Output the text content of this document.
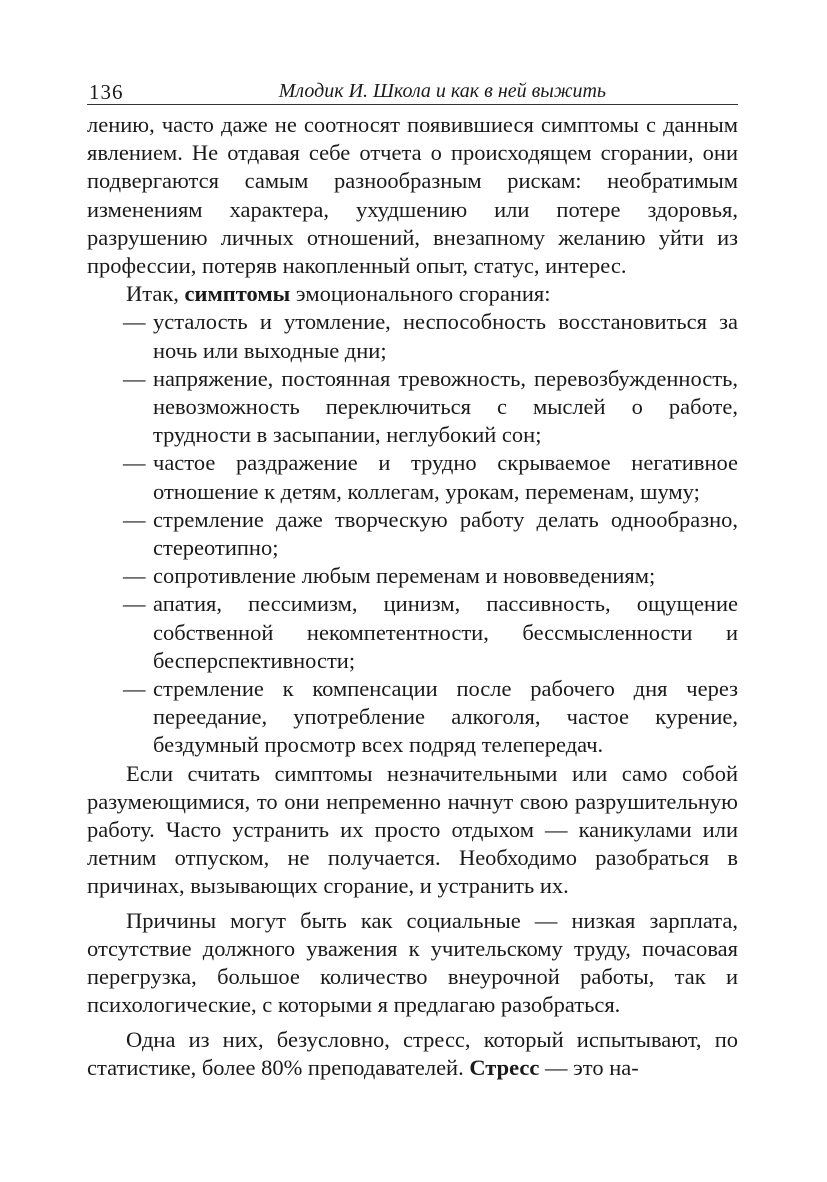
136	Млодик И. Школа и как в ней выжить

лению, часто даже не соотносят появившиеся симптомы с данным явлением. Не отдавая себе отчета о происходящем сгорании, они подвергаются самым разнообразным рискам: необратимым изменениям характера, ухудшению или потере здоровья, разрушению личных отношений, внезапному желанию уйти из профессии, потеряв накопленный опыт, статус, интерес.

Итак, симптомы эмоционального сгорания:

— усталость и утомление, неспособность восстановиться за ночь или выходные дни;
— напряжение, постоянная тревожность, перевозбужденность, невозможность переключиться с мыслей о работе, трудности в засыпании, неглубокий сон;
— частое раздражение и трудно скрываемое негативное отношение к детям, коллегам, урокам, переменам, шуму;
— стремление даже творческую работу делать однообразно, стереотипно;
— сопротивление любым переменам и нововведениям;
— апатия, пессимизм, цинизм, пассивность, ощущение собственной некомпетентности, бессмысленности и бесперспективности;
— стремление к компенсации после рабочего дня через переедание, употребление алкоголя, частое курение, бездумный просмотр всех подряд телепередач.

Если считать симптомы незначительными или само собой разумеющимися, то они непременно начнут свою разрушительную работу. Часто устранить их просто отдыхом — каникулами или летним отпуском, не получается. Необходимо разобраться в причинах, вызывающих сгорание, и устранить их.

Причины могут быть как социальные — низкая зарплата, отсутствие должного уважения к учительскому труду, почасовая перегрузка, большое количество внеурочной работы, так и психологические, с которыми я предлагаю разобраться.

Одна из них, безусловно, стресс, который испытывают, по статистике, более 80% преподавателей. Стресс — это на-
